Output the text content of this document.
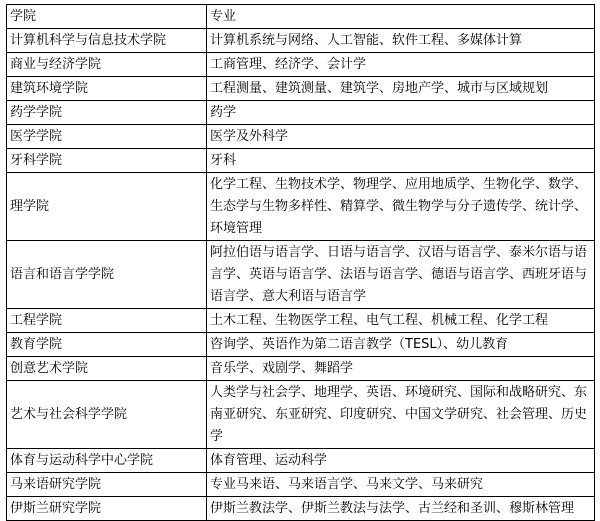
学院	专业
计算机科学与信息技术学院	计算机系统与网络、人工智能、软件工程、多媒体计算
商业与经济学院	工商管理、经济学、会计学
建筑环境学院	工程测量、建筑测量、建筑学、房地产学、城市与区域规划
药学学院	药学
医学学院	医学及外科学
牙科学院	牙科
理学院	化学工程、生物技术学、物理学、应用地质学、生物化学、数学、生态学与生物多样性、精算学、微生物学与分子遗传学、统计学、环境管理
语言和语言学学院	阿拉伯语与语言学、日语与语言学、汉语与语言学、泰米尔语与语言学、英语与语言学、法语与语言学、德语与语言学、西班牙语与语言学、意大利语与语言学
工程学院	土木工程、生物医学工程、电气工程、机械工程、化学工程
教育学院	咨询学、英语作为第二语言教学（TESL）、幼儿教育
创意艺术学院	音乐学、戏剧学、舞蹈学
艺术与社会科学学院	人类学与社会学、地理学、英语、环境研究、国际和战略研究、东南亚研究、东亚研究、印度研究、中国文学研究、社会管理、历史学
体育与运动科学中心学院	体育管理、运动科学
马来语研究学院	专业马来语、马来语言学、马来文学、马来研究
伊斯兰研究学院	伊斯兰教法学、伊斯兰教法与法学、古兰经和圣训、穆斯林管理
